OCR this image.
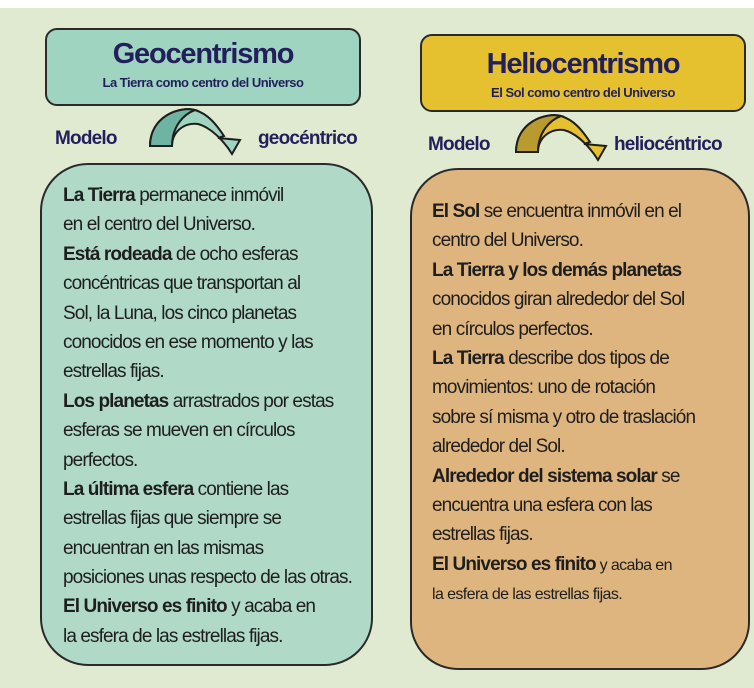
Geocentrismo
La Tierra como centro del Universo
Modelo	geocéntrico
La Tierra permanece inmóvil
en el centro del Universo.
Está rodeada de ocho esferas
concéntricas que transportan al
Sol, la Luna, los cinco planetas
conocidos en ese momento y las
estrellas fijas.
Los planetas arrastrados por estas
esferas se mueven en círculos
perfectos.
La última esfera contiene las
estrellas fijas que siempre se
encuentran en las mismas
posiciones unas respecto de las otras.
El Universo es finito y acaba en
la esfera de las estrellas fijas.
Heliocentrismo
El Sol como centro del Universo
Modelo	heliocéntrico
El Sol se encuentra inmóvil en el
centro del Universo.
La Tierra y los demás planetas
conocidos giran alrededor del Sol
en círculos perfectos.
La Tierra describe dos tipos de
movimientos: uno de rotación
sobre sí misma y otro de traslación
alrededor del Sol.
Alrededor del sistema solar se
encuentra una esfera con las
estrellas fijas.
El Universo es finito y acaba en
la esfera de las estrellas fijas.
